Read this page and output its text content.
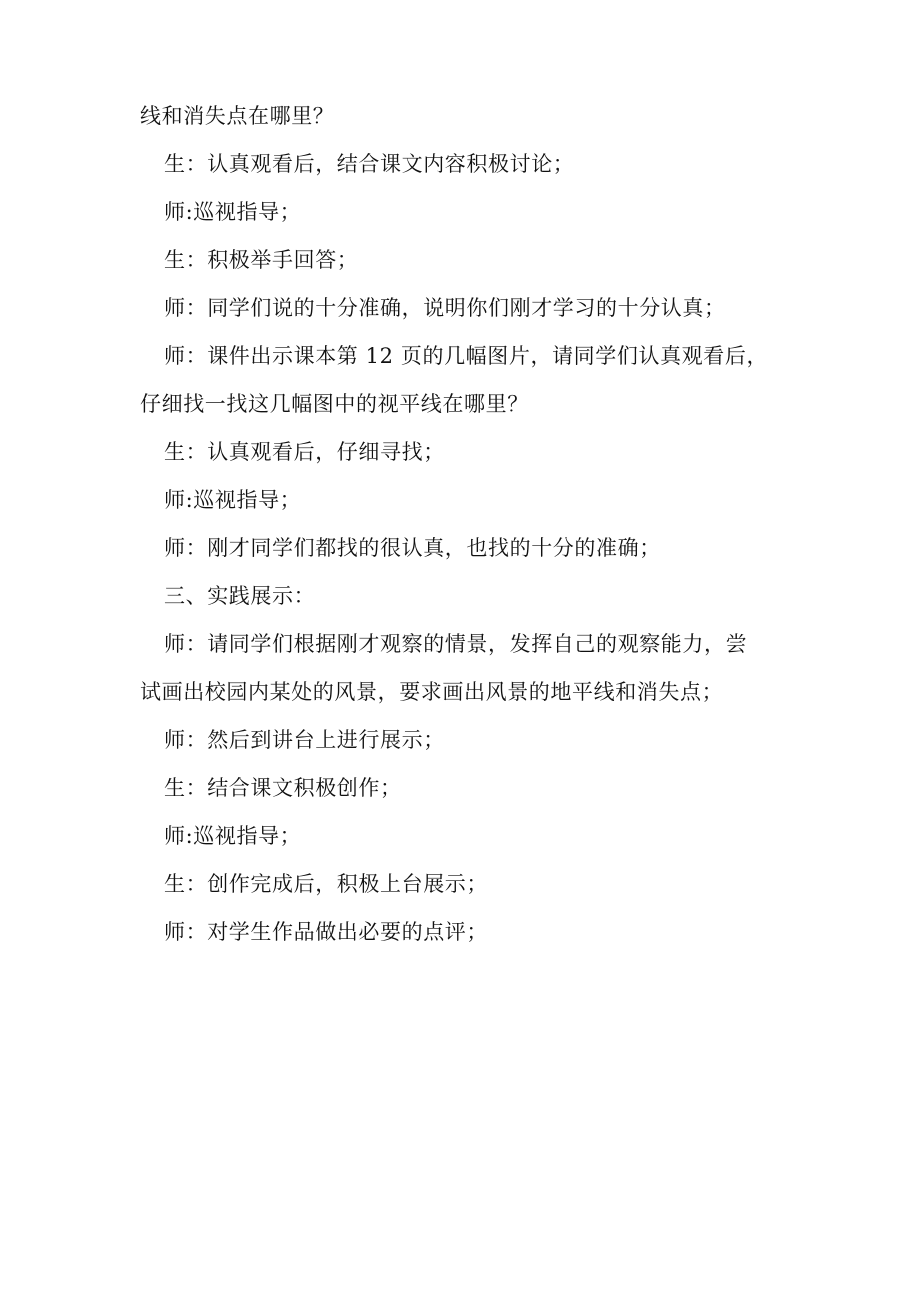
线和消失点在哪里？
生：认真观看后，结合课文内容积极讨论；
师:巡视指导；
生：积极举手回答；
师：同学们说的十分准确，说明你们刚才学习的十分认真；
师：课件出示课本第 12 页的几幅图片，请同学们认真观看后，
仔细找一找这几幅图中的视平线在哪里？
生：认真观看后，仔细寻找；
师:巡视指导；
师：刚才同学们都找的很认真，也找的十分的准确；
三、实践展示：
师：请同学们根据刚才观察的情景，发挥自己的观察能力，尝
试画出校园内某处的风景，要求画出风景的地平线和消失点；
师：然后到讲台上进行展示；
生：结合课文积极创作；
师:巡视指导；
生：创作完成后，积极上台展示；
师：对学生作品做出必要的点评；
